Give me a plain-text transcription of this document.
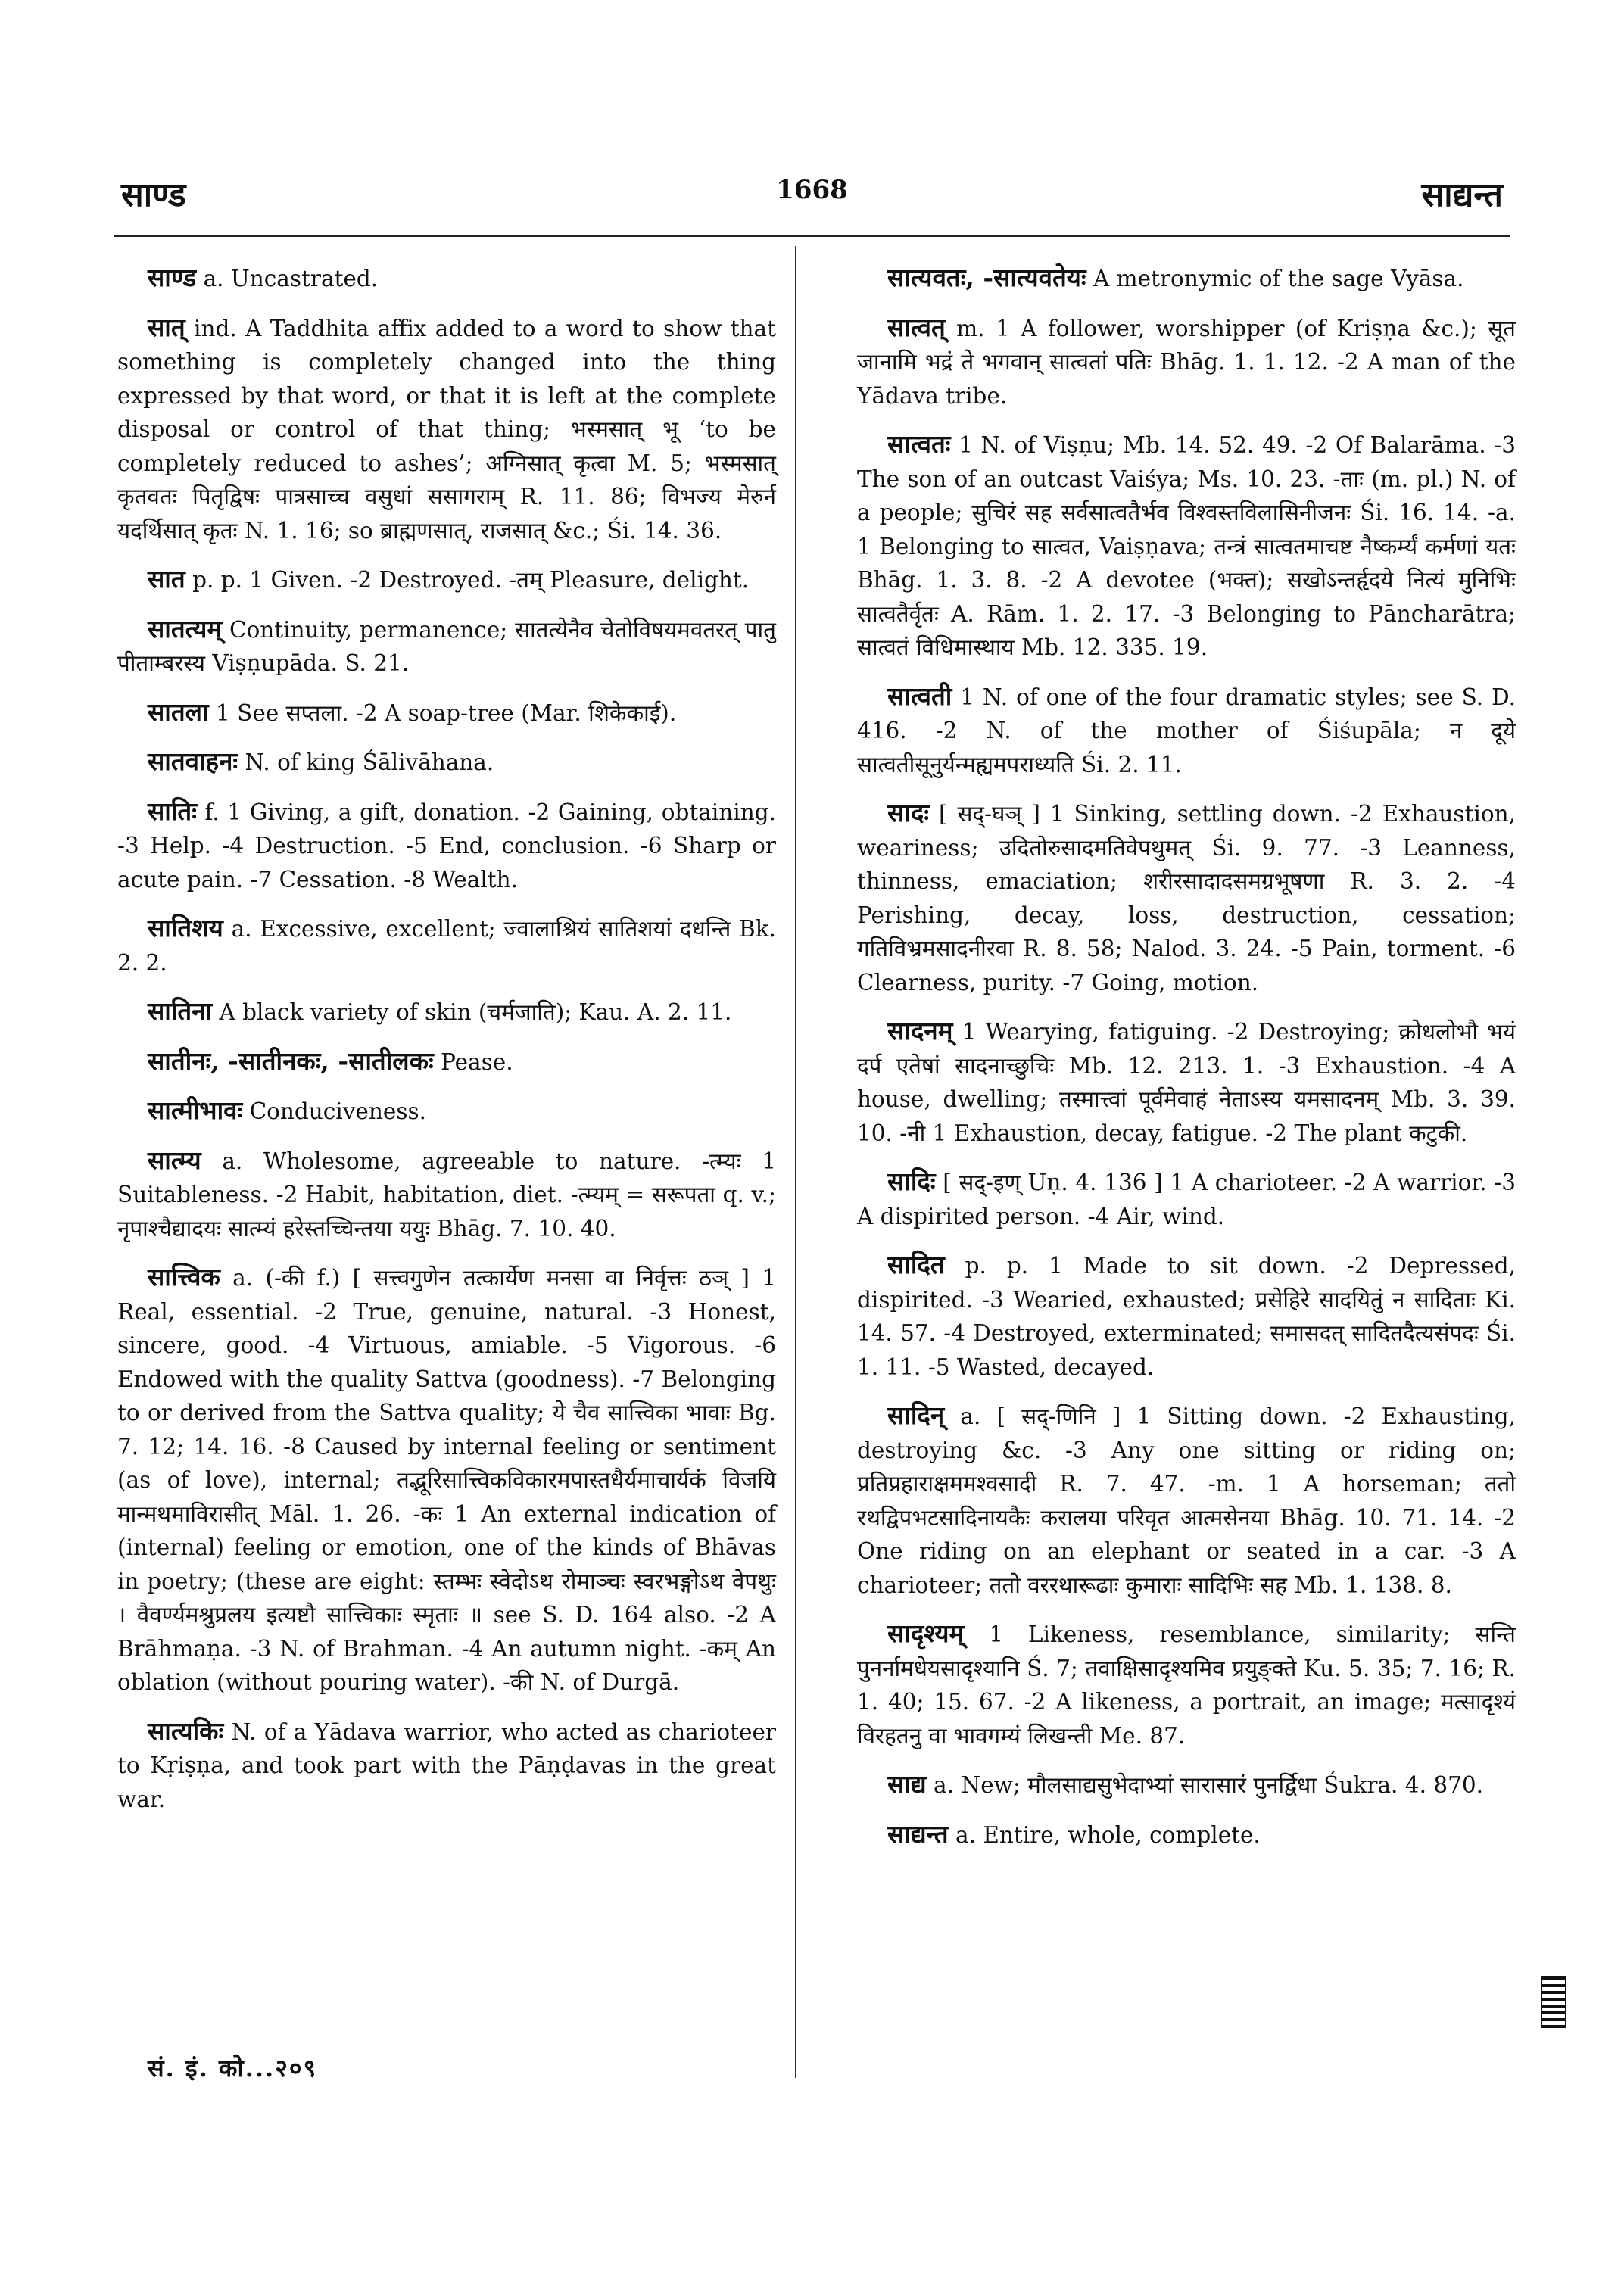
साण्ड	1668	साद्यन्त

साण्ड a. Uncastrated.

सात् ind. A Taddhita affix added to a word to show that something is completely changed into the thing expressed by that word, or that it is left at the complete disposal or control of that thing; भस्मसात् भू ‘to be completely reduced to ashes’; अग्निसात् कृत्वा M. 5; भस्मसात् कृतवतः पितृद्विषः पात्रसाच्च वसुधां ससागराम् R. 11. 86; विभज्य मेरुर्न यदर्थिसात् कृतः N. 1. 16; so ब्राह्मणसात्, राजसात् &c.; Śi. 14. 36.

सात p. p. 1 Given. -2 Destroyed. -तम् Pleasure, delight.

सातत्यम् Continuity, permanence; सातत्येनैव चेतोविषयमवतरत् पातु पीताम्बरस्य Viṣṇupāda. S. 21.

सातला 1 See सप्तला. -2 A soap-tree (Mar. शिकेकाई).

सातवाहनः N. of king Śālivāhana.

सातिः f. 1 Giving, a gift, donation. -2 Gaining, obtaining. -3 Help. -4 Destruction. -5 End, conclusion. -6 Sharp or acute pain. -7 Cessation. -8 Wealth.

सातिशय a. Excessive, excellent; ज्वालाश्रियं सातिशयां दधन्ति Bk. 2. 2.

सातिना A black variety of skin (चर्मजाति); Kau. A. 2. 11.

सातीनः, -सातीनकः, -सातीलकः Pease.

सात्मीभावः Conduciveness.

सात्म्य a. Wholesome, agreeable to nature. -त्म्यः 1 Suitableness. -2 Habit, habitation, diet. -त्म्यम् = सरूपता q. v.; नृपाश्चैद्यादयः सात्म्यं हरेस्तच्चिन्तया ययुः Bhāg. 7. 10. 40.

सात्त्विक a. (-की f.) [ सत्त्वगुणेन तत्कार्येण मनसा वा निर्वृत्तः ठञ् ] 1 Real, essential. -2 True, genuine, natural. -3 Honest, sincere, good. -4 Virtuous, amiable. -5 Vigorous. -6 Endowed with the quality Sattva (goodness). -7 Belonging to or derived from the Sattva quality; ये चैव सात्त्विका भावाः Bg. 7. 12; 14. 16. -8 Caused by internal feeling or sentiment (as of love), internal; तद्भूरिसात्त्विकविकारमपास्तधैर्यमाचार्यकं विजयि मान्मथमाविरासीत् Māl. 1. 26. -कः 1 An external indication of (internal) feeling or emotion, one of the kinds of Bhāvas in poetry; (these are eight: स्तम्भः स्वेदोऽथ रोमाञ्चः स्वरभङ्गोऽथ वेपथुः । वैवर्ण्यमश्रुप्रलय इत्यष्टौ सात्त्विकाः स्मृताः ॥ see S. D. 164 also. -2 A Brāhmaṇa. -3 N. of Brahman. -4 An autumn night. -कम् An oblation (without pouring water). -की N. of Durgā.

सात्यकिः N. of a Yādava warrior, who acted as charioteer to Kṛiṣṇa, and took part with the Pāṇḍavas in the great war.

सात्यवतः, -सात्यवतेयः A metronymic of the sage Vyāsa.

सात्वत् m. 1 A follower, worshipper (of Kriṣṇa &c.); सूत जानामि भद्रं ते भगवान् सात्वतां पतिः Bhāg. 1. 1. 12. -2 A man of the Yādava tribe.

सात्वतः 1 N. of Viṣṇu; Mb. 14. 52. 49. -2 Of Balarāma. -3 The son of an outcast Vaiśya; Ms. 10. 23. -ताः (m. pl.) N. of a people; सुचिरं सह सर्वसात्वतैर्भव विश्वस्तविलासिनीजनः Śi. 16. 14. -a. 1 Belonging to सात्वत, Vaiṣṇava; तन्त्रं सात्वतमाचष्ट नैष्कर्म्यं कर्मणां यतः Bhāg. 1. 3. 8. -2 A devotee (भक्त); सखोऽन्तर्हृदये नित्यं मुनिभिः सात्वतैर्वृतः A. Rām. 1. 2. 17. -3 Belonging to Pāncharātra; सात्वतं विधिमास्थाय Mb. 12. 335. 19.

सात्वती 1 N. of one of the four dramatic styles; see S. D. 416. -2 N. of the mother of Śiśupāla; न दूये सात्वतीसूनुर्यन्मह्यमपराध्यति Śi. 2. 11.

सादः [ सद्-घञ् ] 1 Sinking, settling down. -2 Exhaustion, weariness; उदितोरुसादमतिवेपथुमत् Śi. 9. 77. -3 Leanness, thinness, emaciation; शरीरसादादसमग्रभूषणा R. 3. 2. -4 Perishing, decay, loss, destruction, cessation; गतिविभ्रमसादनीरवा R. 8. 58; Nalod. 3. 24. -5 Pain, torment. -6 Clearness, purity. -7 Going, motion.

सादनम् 1 Wearying, fatiguing. -2 Destroying; क्रोधलोभौ भयं दर्प एतेषां सादनाच्छुचिः Mb. 12. 213. 1. -3 Exhaustion. -4 A house, dwelling; तस्मात्त्वां पूर्वमेवाहं नेताऽस्य यमसादनम् Mb. 3. 39. 10. -नी 1 Exhaustion, decay, fatigue. -2 The plant कटुकी.

सादिः [ सद्-इण् Uṇ. 4. 136 ] 1 A charioteer. -2 A warrior. -3 A dispirited person. -4 Air, wind.

सादित p. p. 1 Made to sit down. -2 Depressed, dispirited. -3 Wearied, exhausted; प्रसेहिरे सादयितुं न सादिताः Ki. 14. 57. -4 Destroyed, exterminated; समासदत् सादितदैत्यसंपदः Śi. 1. 11. -5 Wasted, decayed.

सादिन् a. [ सद्-णिनि ] 1 Sitting down. -2 Exhausting, destroying &c. -3 Any one sitting or riding on; प्रतिप्रहाराक्षममश्वसादी R. 7. 47. -m. 1 A horseman; ततो रथद्विपभटसादिनायकैः करालया परिवृत आत्मसेनया Bhāg. 10. 71. 14. -2 One riding on an elephant or seated in a car. -3 A charioteer; ततो वररथारूढाः कुमाराः सादिभिः सह Mb. 1. 138. 8.

सादृश्यम् 1 Likeness, resemblance, similarity; सन्ति पुनर्नामधेयसादृश्यानि Ś. 7; तवाक्षिसादृश्यमिव प्रयुङ्क्ते Ku. 5. 35; 7. 16; R. 1. 40; 15. 67. -2 A likeness, a portrait, an image; मत्सादृश्यं विरहतनु वा भावगम्यं लिखन्ती Me. 87.

साद्य a. New; मौलसाद्यसुभेदाभ्यां सारासारं पुनर्द्विधा Śukra. 4. 870.

साद्यन्त a. Entire, whole, complete.

सं. इं. को...२०९
